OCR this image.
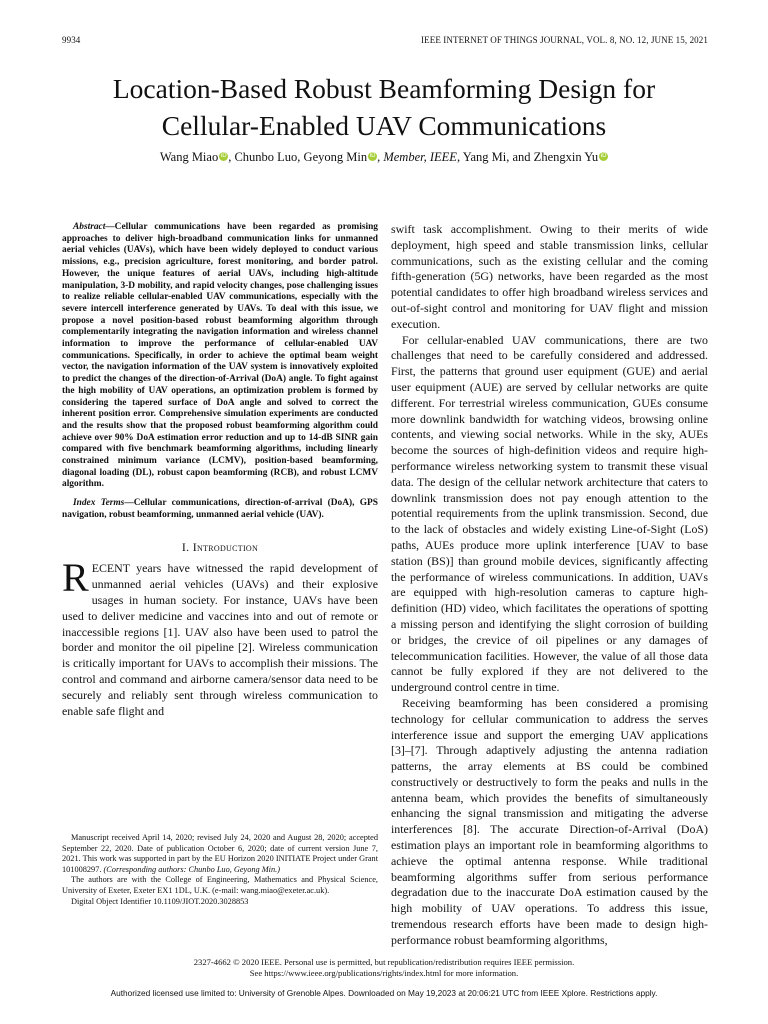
9934	IEEE INTERNET OF THINGS JOURNAL, VOL. 8, NO. 12, JUNE 15, 2021
Location-Based Robust Beamforming Design for
Cellular-Enabled UAV Communications
Wang Miao iD , Chunbo Luo, Geyong Min iD , Member, IEEE, Yang Mi, and Zhengxin Yu iD

Abstract—Cellular communications have been regarded as promising approaches to deliver high-broadband communication links for unmanned aerial vehicles (UAVs), which have been widely deployed to conduct various missions, e.g., precision agriculture, forest monitoring, and border patrol. However, the unique features of aerial UAVs, including high-altitude manipulation, 3-D mobility, and rapid velocity changes, pose challenging issues to realize reliable cellular-enabled UAV communications, especially with the severe intercell interference generated by UAVs. To deal with this issue, we propose a novel position-based robust beamforming algorithm through complementarily integrating the navigation information and wireless channel information to improve the performance of cellular-enabled UAV communications. Specifically, in order to achieve the optimal beam weight vector, the navigation information of the UAV system is innovatively exploited to predict the changes of the direction-of-Arrival (DoA) angle. To fight against the high mobility of UAV operations, an optimization problem is formed by considering the tapered surface of DoA angle and solved to correct the inherent position error. Comprehensive simulation experiments are conducted and the results show that the proposed robust beamforming algorithm could achieve over 90% DoA estimation error reduction and up to 14-dB SINR gain compared with five benchmark beamforming algorithms, including linearly constrained minimum variance (LCMV), position-based beamforming, diagonal loading (DL), robust capon beamforming (RCB), and robust LCMV algorithm.

Index Terms—Cellular communications, direction-of-arrival (DoA), GPS navigation, robust beamforming, unmanned aerial vehicle (UAV).

I. Introduction

RECENT years have witnessed the rapid development of unmanned aerial vehicles (UAVs) and their explosive usages in human society. For instance, UAVs have been used to deliver medicine and vaccines into and out of remote or inaccessible regions [1]. UAV also have been used to patrol the border and monitor the oil pipeline [2]. Wireless communication is critically important for UAVs to accomplish their missions. The control and command and airborne camera/sensor data need to be securely and reliably sent through wireless communication to enable safe flight and

Manuscript received April 14, 2020; revised July 24, 2020 and August 28, 2020; accepted September 22, 2020. Date of publication October 6, 2020; date of current version June 7, 2021. This work was supported in part by the EU Horizon 2020 INITIATE Project under Grant 101008297. (Corresponding authors: Chunbo Luo, Geyong Min.)

The authors are with the College of Engineering, Mathematics and Physical Science, University of Exeter, Exeter EX1 1DL, U.K. (e-mail: wang.miao@exeter.ac.uk).

Digital Object Identifier 10.1109/JIOT.2020.3028853

swift task accomplishment. Owing to their merits of wide deployment, high speed and stable transmission links, cellular communications, such as the existing cellular and the coming fifth-generation (5G) networks, have been regarded as the most potential candidates to offer high broadband wireless services and out-of-sight control and monitoring for UAV flight and mission execution.

For cellular-enabled UAV communications, there are two challenges that need to be carefully considered and addressed. First, the patterns that ground user equipment (GUE) and aerial user equipment (AUE) are served by cellular networks are quite different. For terrestrial wireless communication, GUEs consume more downlink bandwidth for watching videos, browsing online contents, and viewing social networks. While in the sky, AUEs become the sources of high-definition videos and require high-performance wireless networking system to transmit these visual data. The design of the cellular network architecture that caters to downlink transmission does not pay enough attention to the potential requirements from the uplink transmission. Second, due to the lack of obstacles and widely existing Line-of-Sight (LoS) paths, AUEs produce more uplink interference [UAV to base station (BS)] than ground mobile devices, significantly affecting the performance of wireless communications. In addition, UAVs are equipped with high-resolution cameras to capture high-definition (HD) video, which facilitates the operations of spotting a missing person and identifying the slight corrosion of building or bridges, the crevice of oil pipelines or any damages of telecommunication facilities. However, the value of all those data cannot be fully explored if they are not delivered to the underground control centre in time.

Receiving beamforming has been considered a promising technology for cellular communication to address the serves interference issue and support the emerging UAV applications [3]–[7]. Through adaptively adjusting the antenna radiation patterns, the array elements at BS could be combined constructively or destructively to form the peaks and nulls in the antenna beam, which provides the benefits of simultaneously enhancing the signal transmission and mitigating the adverse interferences [8]. The accurate Direction-of-Arrival (DoA) estimation plays an important role in beamforming algorithms to achieve the optimal antenna response. While traditional beamforming algorithms suffer from serious performance degradation due to the inaccurate DoA estimation caused by the high mobility of UAV operations. To address this issue, tremendous research efforts have been made to design high-performance robust beamforming algorithms,

2327-4662 © 2020 IEEE. Personal use is permitted, but republication/redistribution requires IEEE permission.
See https://www.ieee.org/publications/rights/index.html for more information.
Authorized licensed use limited to: University of Grenoble Alpes. Downloaded on May 19,2023 at 20:06:21 UTC from IEEE Xplore. Restrictions apply.
